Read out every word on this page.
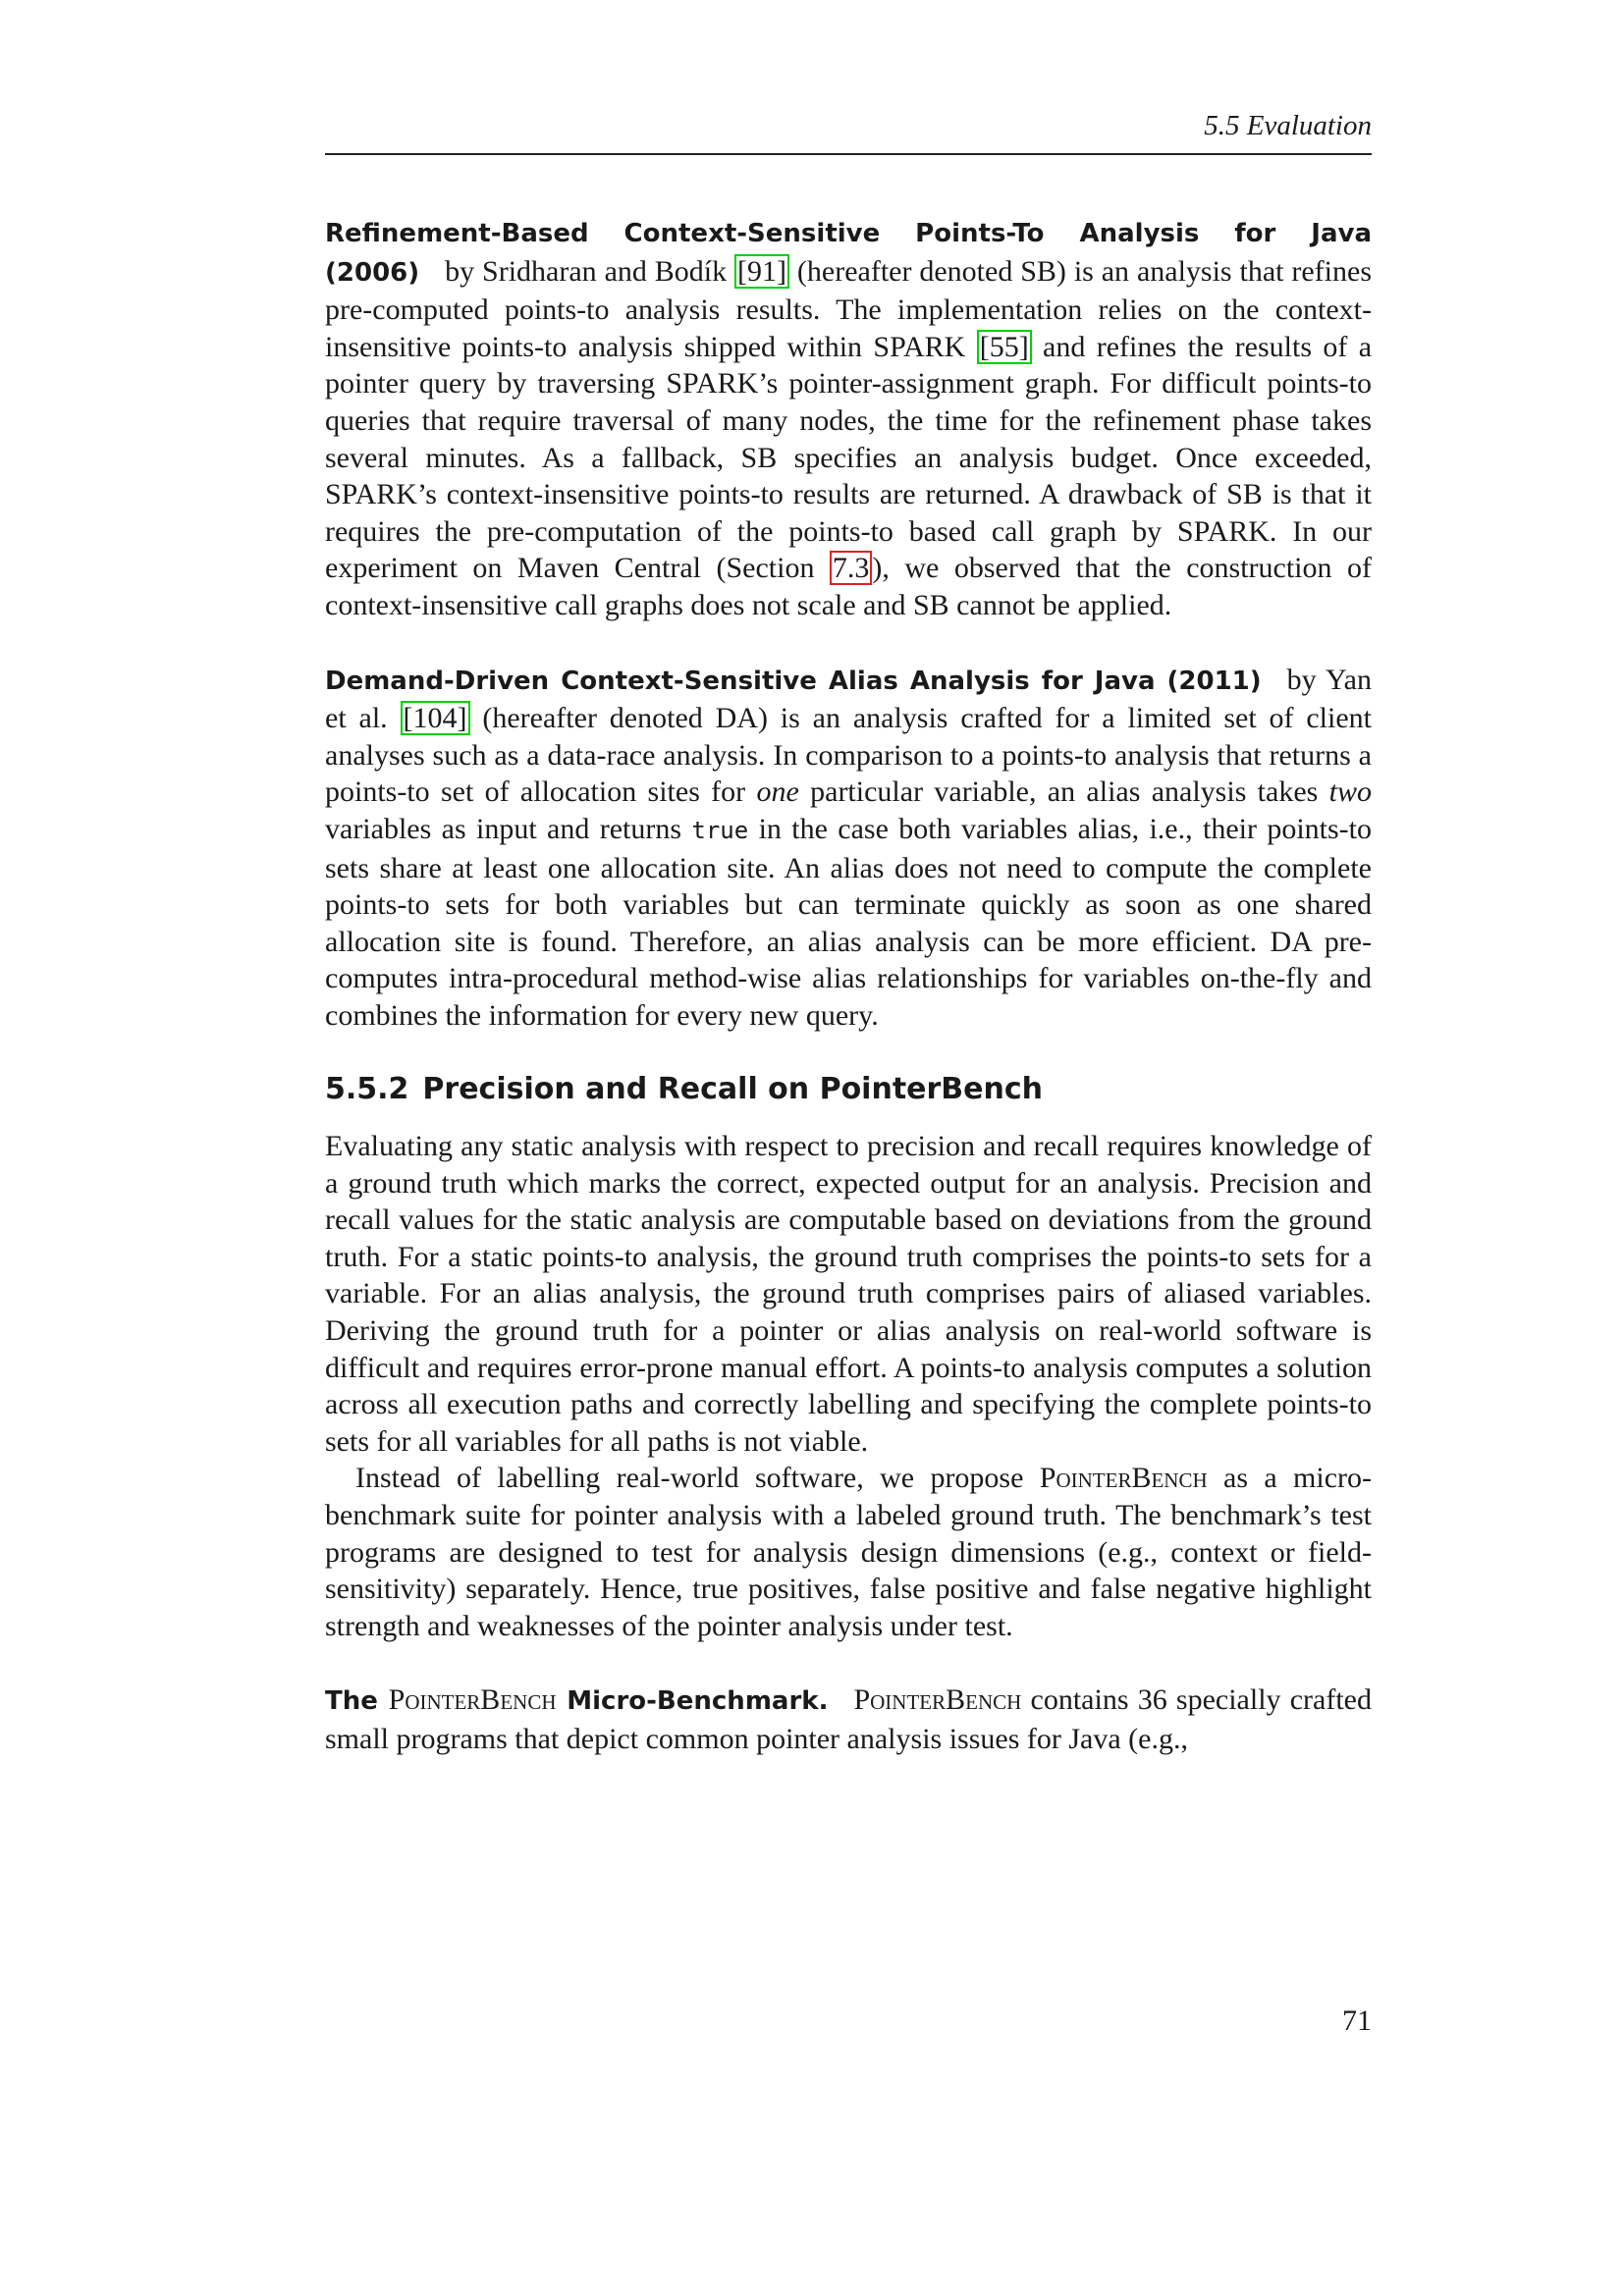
5.5 Evaluation

Refinement-Based Context-Sensitive Points-To Analysis for Java (2006) by Sridharan and Bodík [91] (hereafter denoted SB) is an analysis that refines pre-computed points-to analysis results. The implementation relies on the context-insensitive points-to analysis shipped within SPARK [55] and refines the results of a pointer query by traversing SPARK’s pointer-assignment graph. For difficult points-to queries that require traversal of many nodes, the time for the refinement phase takes several minutes. As a fallback, SB specifies an analysis budget. Once exceeded, SPARK’s context-insensitive points-to results are returned. A drawback of SB is that it requires the pre-computation of the points-to based call graph by SPARK. In our experiment on Maven Central (Section 7.3 ), we observed that the construction of context-insensitive call graphs does not scale and SB cannot be applied.

Demand-Driven Context-Sensitive Alias Analysis for Java (2011) by Yan et al. [104] (hereafter denoted DA) is an analysis crafted for a limited set of client analyses such as a data-race analysis. In comparison to a points-to analysis that returns a points-to set of allocation sites for one particular variable, an alias analysis takes two variables as input and returns true in the case both variables alias, i.e., their points-to sets share at least one allocation site. An alias does not need to compute the complete points-to sets for both variables but can terminate quickly as soon as one shared allocation site is found. Therefore, an alias analysis can be more efficient. DA pre-computes intra-procedural method-wise alias relationships for variables on-the-fly and combines the information for every new query.

5.5.2 Precision and Recall on PointerBench

Evaluating any static analysis with respect to precision and recall requires knowledge of a ground truth which marks the correct, expected output for an analysis. Precision and recall values for the static analysis are computable based on deviations from the ground truth. For a static points-to analysis, the ground truth comprises the points-to sets for a variable. For an alias analysis, the ground truth comprises pairs of aliased variables. Deriving the ground truth for a pointer or alias analysis on real-world software is difficult and requires error-prone manual effort. A points-to analysis computes a solution across all execution paths and correctly labelling and specifying the complete points-to sets for all variables for all paths is not viable.

Instead of labelling real-world software, we propose PointerBench as a micro-benchmark suite for pointer analysis with a labeled ground truth. The benchmark’s test programs are designed to test for analysis design dimensions (e.g., context or field-sensitivity) separately. Hence, true positives, false positive and false negative highlight strength and weaknesses of the pointer analysis under test.

The PointerBench Micro-Benchmark. PointerBench contains 36 specially crafted small programs that depict common pointer analysis issues for Java (e.g.,

71
